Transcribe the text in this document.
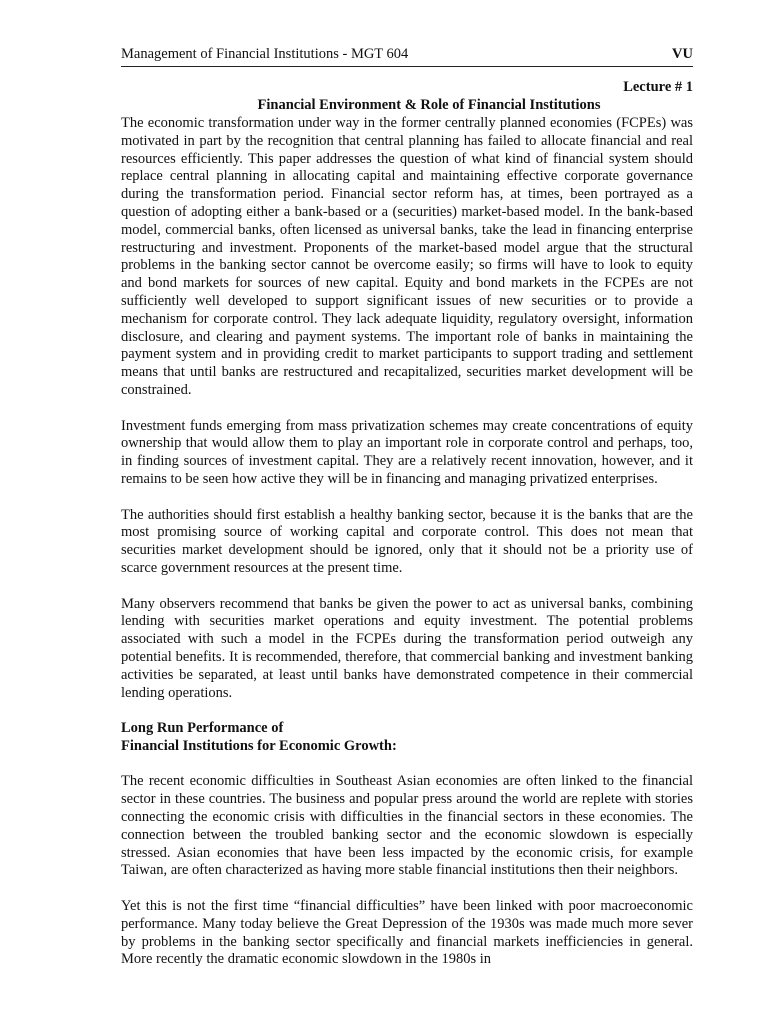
Management of Financial Institutions - MGT 604	VU
Lecture # 1
Financial Environment & Role of Financial Institutions

The economic transformation under way in the former centrally planned economies (FCPEs) was motivated in part by the recognition that central planning has failed to allocate financial and real resources efficiently. This paper addresses the question of what kind of financial system should replace central planning in allocating capital and maintaining effective corporate governance during the transformation period. Financial sector reform has, at times, been portrayed as a question of adopting either a bank-based or a (securities) market-based model. In the bank-based model, commercial banks, often licensed as universal banks, take the lead in financing enterprise restructuring and investment. Proponents of the market-based model argue that the structural problems in the banking sector cannot be overcome easily; so firms will have to look to equity and bond markets for sources of new capital. Equity and bond markets in the FCPEs are not sufficiently well developed to support significant issues of new securities or to provide a mechanism for corporate control. They lack adequate liquidity, regulatory oversight, information disclosure, and clearing and payment systems. The important role of banks in maintaining the payment system and in providing credit to market participants to support trading and settlement means that until banks are restructured and recapitalized, securities market development will be constrained.

Investment funds emerging from mass privatization schemes may create concentrations of equity ownership that would allow them to play an important role in corporate control and perhaps, too, in finding sources of investment capital. They are a relatively recent innovation, however, and it remains to be seen how active they will be in financing and managing privatized enterprises.

The authorities should first establish a healthy banking sector, because it is the banks that are the most promising source of working capital and corporate control. This does not mean that securities market development should be ignored, only that it should not be a priority use of scarce government resources at the present time.

Many observers recommend that banks be given the power to act as universal banks, combining lending with securities market operations and equity investment. The potential problems associated with such a model in the FCPEs during the transformation period outweigh any potential benefits. It is recommended, therefore, that commercial banking and investment banking activities be separated, at least until banks have demonstrated competence in their commercial lending operations.

Long Run Performance of
Financial Institutions for Economic Growth:

The recent economic difficulties in Southeast Asian economies are often linked to the financial sector in these countries. The business and popular press around the world are replete with stories connecting the economic crisis with difficulties in the financial sectors in these economies. The connection between the troubled banking sector and the economic slowdown is especially stressed. Asian economies that have been less impacted by the economic crisis, for example Taiwan, are often characterized as having more stable financial institutions then their neighbors.

Yet this is not the first time “financial difficulties” have been linked with poor macroeconomic performance. Many today believe the Great Depression of the 1930s was made much more sever by problems in the banking sector specifically and financial markets inefficiencies in general. More recently the dramatic economic slowdown in the 1980s in
